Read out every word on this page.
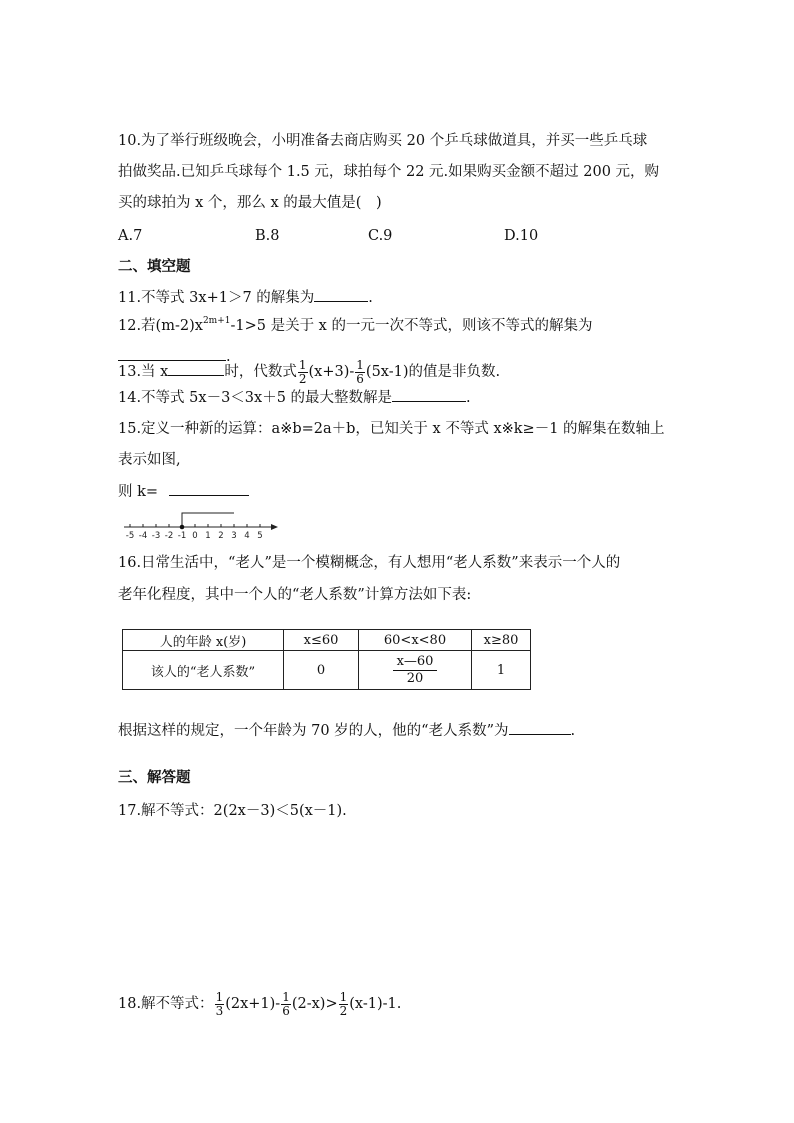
10.为了举行班级晚会，小明准备去商店购买 20 个乒乓球做道具，并买一些乒乓球
拍做奖品.已知乒乓球每个 1.5 元，球拍每个 22 元.如果购买金额不超过 200 元，购
买的球拍为 x 个，那么 x 的最大值是(　)
A.7	B.8	C.9	D.10
二、填空题
11.不等式 3x+1＞7 的解集为	.
12.若$(m-2)x^{2m+1}-1>5$ 是关于 x 的一元一次不等式，则该不等式的解集为
.
13.当 x	时，代数式 $\frac{1}{2} (x+3)- \frac{1}{6} (5x-1)$的值是非负数.
14.不等式 5x－3＜3x＋5 的最大整数解是	.
15.定义一种新的运算：a※b=2a＋b，已知关于 x 不等式 x※k≥－1 的解集在数轴上
表示如图,
则 k=
-5 -4 -3 -2 -1 0 1 2 3 4 5
16.日常生活中，“老人”是一个模糊概念，有人想用“老人系数”来表示一个人的
老年化程度，其中一个人的“老人系数”计算方法如下表:
人的年龄 x(岁)	x≤60	60<x<80	x≥80
该人的“老人系数”	0	$\frac{x—60}{20}$	1
根据这样的规定，一个年龄为 70 岁的人，他的“老人系数”为	.
三、解答题
17.解不等式：2(2x－3)＜5(x－1).
18.解不等式： $\frac{1}{3} (2x+1)- \frac{1}{6} (2-x)> \frac{1}{2} (x-1)-1$.
